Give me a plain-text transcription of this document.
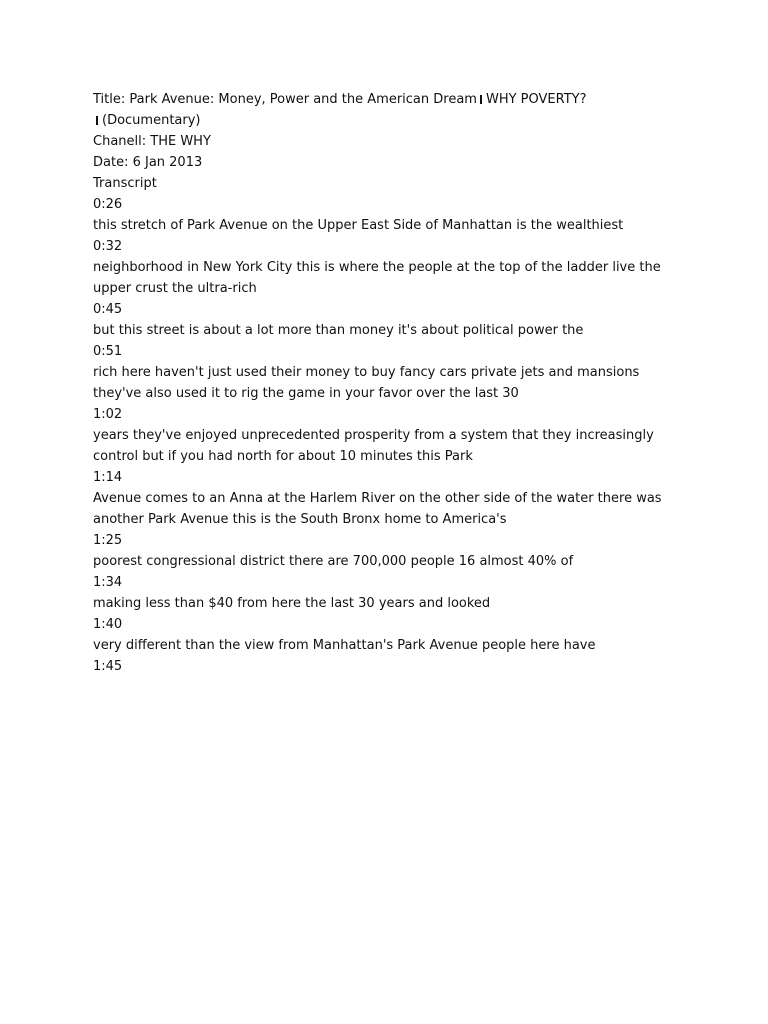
Title: Park Avenue: Money, Power and the American Dream WHY POVERTY?
(Documentary)

Chanell: THE WHY

Date: 6 Jan 2013

Transcript

0:26

this stretch of Park Avenue on the Upper East Side of Manhattan is the wealthiest

0:32

neighborhood in New York City this is where the people at the top of the ladder live the upper crust the ultra-rich

0:45

but this street is about a lot more than money it's about political power the

0:51

rich here haven't just used their money to buy fancy cars private jets and mansions they've also used it to rig the game in your favor over the last 30

1:02

years they've enjoyed unprecedented prosperity from a system that they increasingly control but if you had north for about 10 minutes this Park

1:14

Avenue comes to an Anna at the Harlem River on the other side of the water there was another Park Avenue this is the South Bronx home to America's

1:25

poorest congressional district there are 700,000 people 16 almost 40% of

1:34

making less than $40 from here the last 30 years and looked

1:40

very different than the view from Manhattan's Park Avenue people here have

1:45
